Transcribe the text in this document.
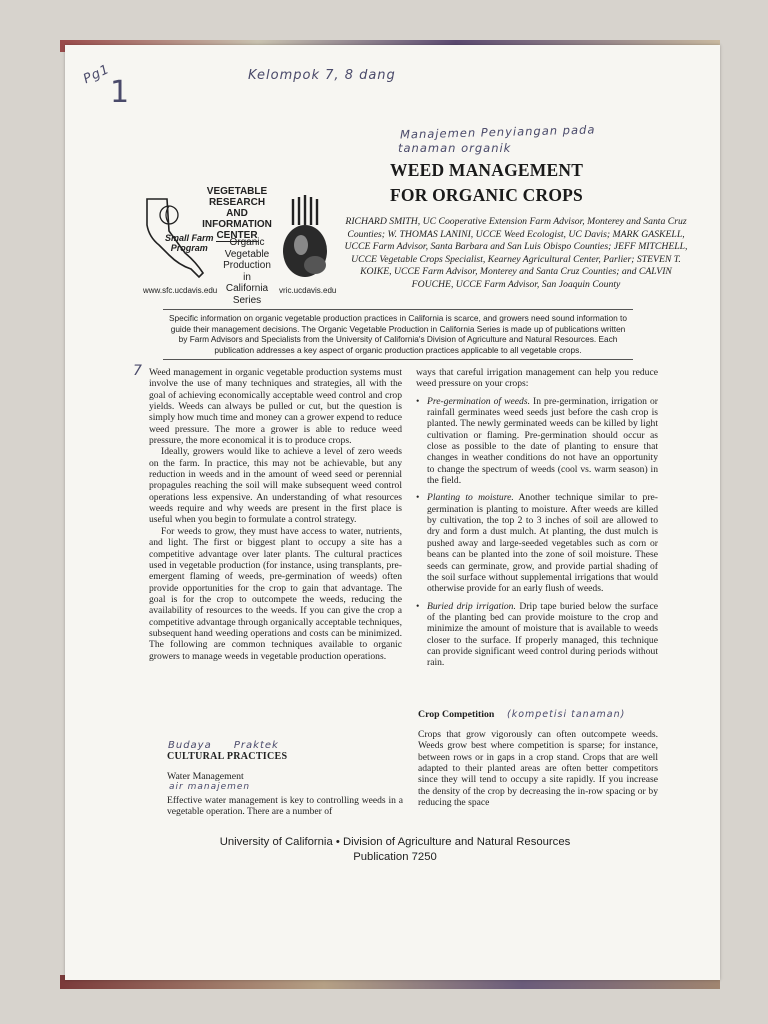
Pg1
1	Kelompok 7, 8 dang
Manajemen Penyiangan pada
tanaman organik
WEED MANAGEMENT
FOR ORGANIC CROPS
VEGETABLE
RESEARCH AND
INFORMATION
CENTER
Organic
Vegetable
Production in
California
Series
Small Farm
Program
www.sfc.ucdavis.edu	vric.ucdavis.edu
RICHARD SMITH, UC Cooperative Extension Farm Advisor, Monterey and Santa Cruz Counties; W. THOMAS LANINI, UCCE Weed Ecologist, UC Davis; MARK GASKELL, UCCE Farm Advisor, Santa Barbara and San Luis Obispo Counties; JEFF MITCHELL, UCCE Vegetable Crops Specialist, Kearney Agricultural Center, Parlier; STEVEN T. KOIKE, UCCE Farm Advisor, Monterey and Santa Cruz Counties; and CALVIN FOUCHE, UCCE Farm Advisor, San Joaquin County
Specific information on organic vegetable production practices in California is scarce, and growers need sound information to guide their management decisions. The Organic Vegetable Production in California Series is made up of publications written by Farm Advisors and Specialists from the University of California's Division of Agriculture and Natural Resources. Each publication addresses a key aspect of organic production practices applicable to all vegetable crops.
7 Weed management in organic vegetable production systems must involve the use of many techniques and strategies, all with the goal of achieving economically acceptable weed control and crop yields. Weeds can always be pulled or cut, but the question is simply how much time and money can a grower expend to reduce weed pressure. The more a grower is able to reduce weed pressure, the more economical it is to produce crops.

Ideally, growers would like to achieve a level of zero weeds on the farm. In practice, this may not be achievable, but any reduction in weeds and in the amount of weed seed or perennial propagules reaching the soil will make subsequent weed control operations less expensive. An understanding of what resources weeds require and why weeds are present in the first place is useful when you begin to formulate a control strategy.

For weeds to grow, they must have access to water, nutrients, and light. The first or biggest plant to occupy a site has a competitive advantage over later plants. The cultural practices used in vegetable production (for instance, using transplants, pre-emergent flaming of weeds, pre-germination of weeds) often provide opportunities for the crop to gain that advantage. The goal is for the crop to outcompete the weeds, reducing the availability of resources to the weeds. If you can give the crop a competitive advantage through organically acceptable techniques, subsequent hand weeding operations and costs can be minimized. The following are common techniques available to organic growers to manage weeds in vegetable production operations.

Budaya Praktek
CULTURAL PRACTICES
Water Management
air manajemen

Effective water management is key to controlling weeds in a vegetable operation. There are a number of

ways that careful irrigation management can help you reduce weed pressure on your crops:

• Pre-germination of weeds. In pre-germination, irrigation or rainfall germinates weed seeds just before the cash crop is planted. The newly germinated weeds can be killed by light cultivation or flaming. Pre-germination should occur as close as possible to the date of planting to ensure that changes in weather conditions do not have an opportunity to change the spectrum of weeds (cool vs. warm season) in the field.
• Planting to moisture. Another technique similar to pre-germination is planting to moisture. After weeds are killed by cultivation, the top 2 to 3 inches of soil are allowed to dry and form a dust mulch. At planting, the dust mulch is pushed away and large-seeded vegetables such as corn or beans can be planted into the zone of soil moisture. These seeds can germinate, grow, and provide partial shading of the soil surface without supplemental irrigations that would otherwise provide for an early flush of weeds.
• Buried drip irrigation. Drip tape buried below the surface of the planting bed can provide moisture to the crop and minimize the amount of moisture that is available to weeds closer to the surface. If properly managed, this technique can provide significant weed control during periods without rain.
Crop Competition (kompetisi tanaman)

Crops that grow vigorously can often outcompete weeds. Weeds grow best where competition is sparse; for instance, between rows or in gaps in a crop stand. Crops that are well adapted to their planted areas are often better competitors since they will tend to occupy a site rapidly. If you increase the density of the crop by decreasing the in-row spacing or by reducing the space

University of California • Division of Agriculture and Natural Resources
Publication 7250
